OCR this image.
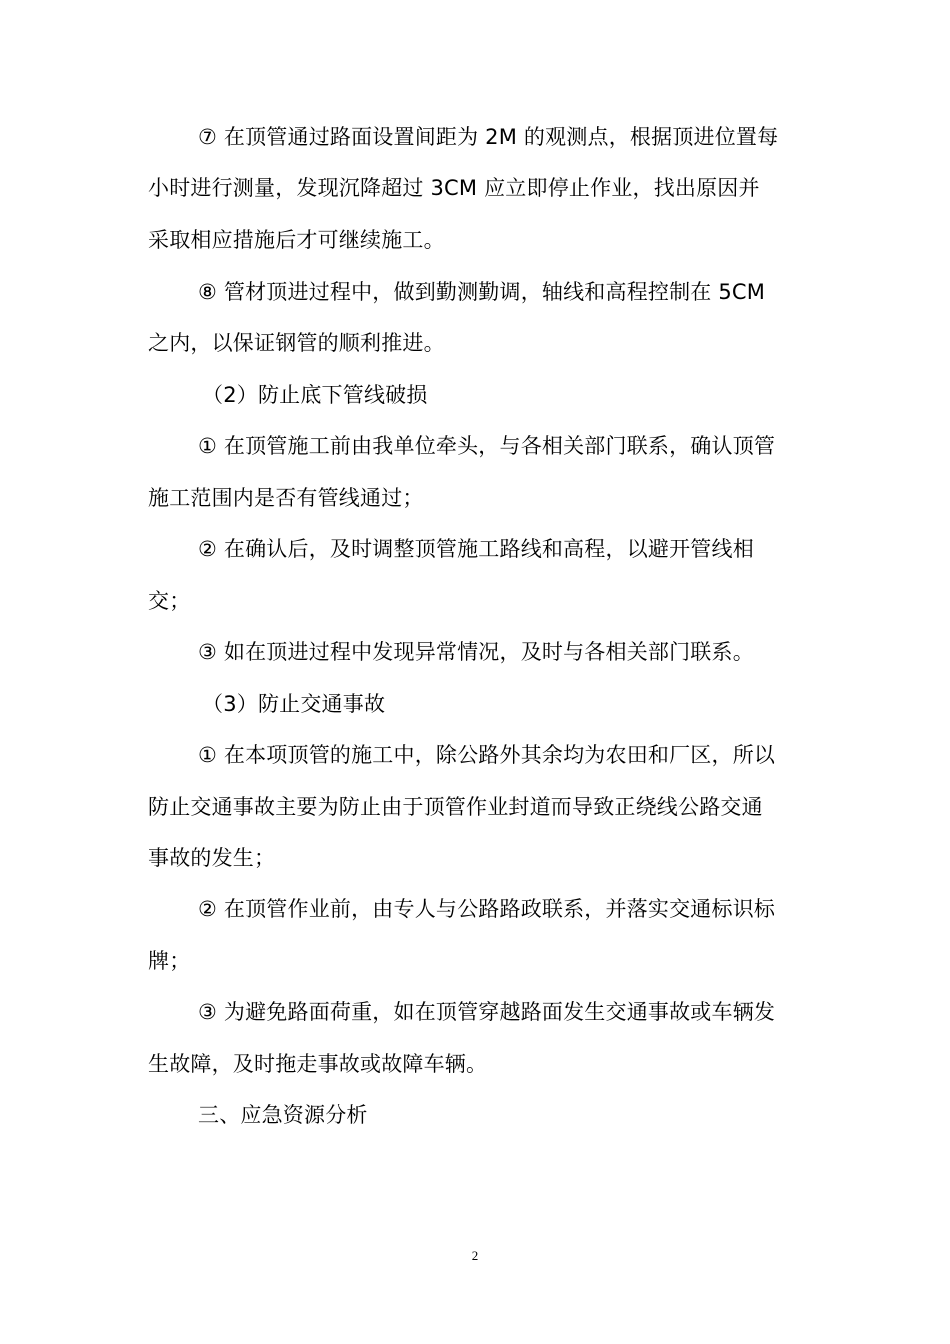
⑦ 在顶管通过路面设置间距为 2M 的观测点，根据顶进位置每
小时进行测量，发现沉降超过 3CM 应立即停止作业，找出原因并
采取相应措施后才可继续施工。
⑧ 管材顶进过程中，做到勤测勤调，轴线和高程控制在 5CM
之内，以保证钢管的顺利推进。
（2）防止底下管线破损
① 在顶管施工前由我单位牵头，与各相关部门联系，确认顶管
施工范围内是否有管线通过；
② 在确认后，及时调整顶管施工路线和高程，以避开管线相
交；
③ 如在顶进过程中发现异常情况，及时与各相关部门联系。
（3）防止交通事故
① 在本项顶管的施工中，除公路外其余均为农田和厂区，所以
防止交通事故主要为防止由于顶管作业封道而导致正绕线公路交通
事故的发生；
② 在顶管作业前，由专人与公路路政联系，并落实交通标识标
牌；
③ 为避免路面荷重，如在顶管穿越路面发生交通事故或车辆发
生故障，及时拖走事故或故障车辆。
三、应急资源分析
2
